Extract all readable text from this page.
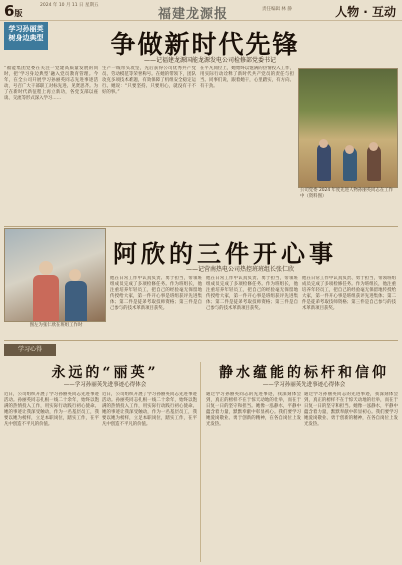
6版
2024 年 10 月 11 日 星期五
福建龙源报	责任编辑 林 静	人物 · 互动
学习孙丽英 树身边典型	争做新时代先锋
——记福建龙源国能龙源发电公司检修部党委书记
“福能集团党委在关注一党建高质量发展的同时，把‘学习身边典型’融入党员教育管理。今年，在全公司开展学习孙丽英同志先进事迹活动，号召广大干部职工对标先进、见贤思齐。为了在新时代新征程上再立新功，各党支部以座谈、交流等形式深入学习……
生产一线带头攻坚，先后获得公司优秀共产党员、劳动模范等荣誉称号。在她的带领下，团队攻克多项技术难题，有效保障了机组安全稳定运行。她说：“只要坚持、只要用心，就没有干不好的事。”
在平凡岗位上，她始终以饱满的热情投入工作，用实际行动诠释了新时代共产党员的责任与担当。同事们说，跟着她干，心里踏实，有方向、有干劲。
公司党委 2024 年度先进人物孙丽英同志在工作中（资料图）
图左为张仁欣在班组工作时
阿欣的三件开心事
——记营南热电公司热控班班组长张仁欣
他在日常工作中认真负责、勇于担当，带领班组成员完成了多项检修任务。作为班组长，他注重培养年轻员工，把自己的经验毫无保留地传授给大家，第一件开心事是班组获评先进集体；第二件是徒弟考取技师资格；第三件是自己参与的技术革新项目获奖。
他在日常工作中认真负责、勇于担当，带领班组成员完成了多项检修任务。作为班组长，他注重培养年轻员工，把自己的经验毫无保留地传授给大家，第一件开心事是班组获评先进集体；第二件是徒弟考取技师资格；第三件是自己参与的技术革新项目获奖。
他在日常工作中认真负责、勇于担当，带领班组成员完成了多项检修任务。作为班组长，他注重培养年轻员工，把自己的经验毫无保留地传授给大家，第一件开心事是班组获评先进集体；第二件是徒弟考取技师资格；第三件是自己参与的技术革新项目获奖。
学习心得
永远的“丽英”
——学习孙丽英先进事迹心得体会
近日，公司组织开展了学习孙丽英同志先进事迹活动。孙丽英同志扎根一线二十余年，始终以饱满的热情投入工作，用实际行动践行初心使命。她的事迹让我深受触动，作为一名基层员工，我要以她为榜样，立足本职岗位，踏实工作，在平凡中创造不平凡的价值。
近日，公司组织开展了学习孙丽英同志先进事迹活动。孙丽英同志扎根一线二十余年，始终以饱满的热情投入工作，用实际行动践行初心使命。她的事迹让我深受触动，作为一名基层员工，我要以她为榜样，立足本职岗位，踏实工作，在平凡中创造不平凡的价值。
静水蕴能的标杆和信仰
——学习孙丽英先进事迹心得体会
通过学习孙丽英同志的先进事迹，我深刻体会到，真正的榜样不在于惊天动地的壮举，而在于日复一日的坚守和担当。她像一泓静水，平静中蕴含着力量，默默奉献中彰显初心。我们要学习她爱岗敬业、勇于创新的精神，在各自岗位上发光发热。
通过学习孙丽英同志的先进事迹，我深刻体会到，真正的榜样不在于惊天动地的壮举，而在于日复一日的坚守和担当。她像一泓静水，平静中蕴含着力量，默默奉献中彰显初心。我们要学习她爱岗敬业、勇于创新的精神，在各自岗位上发光发热。
